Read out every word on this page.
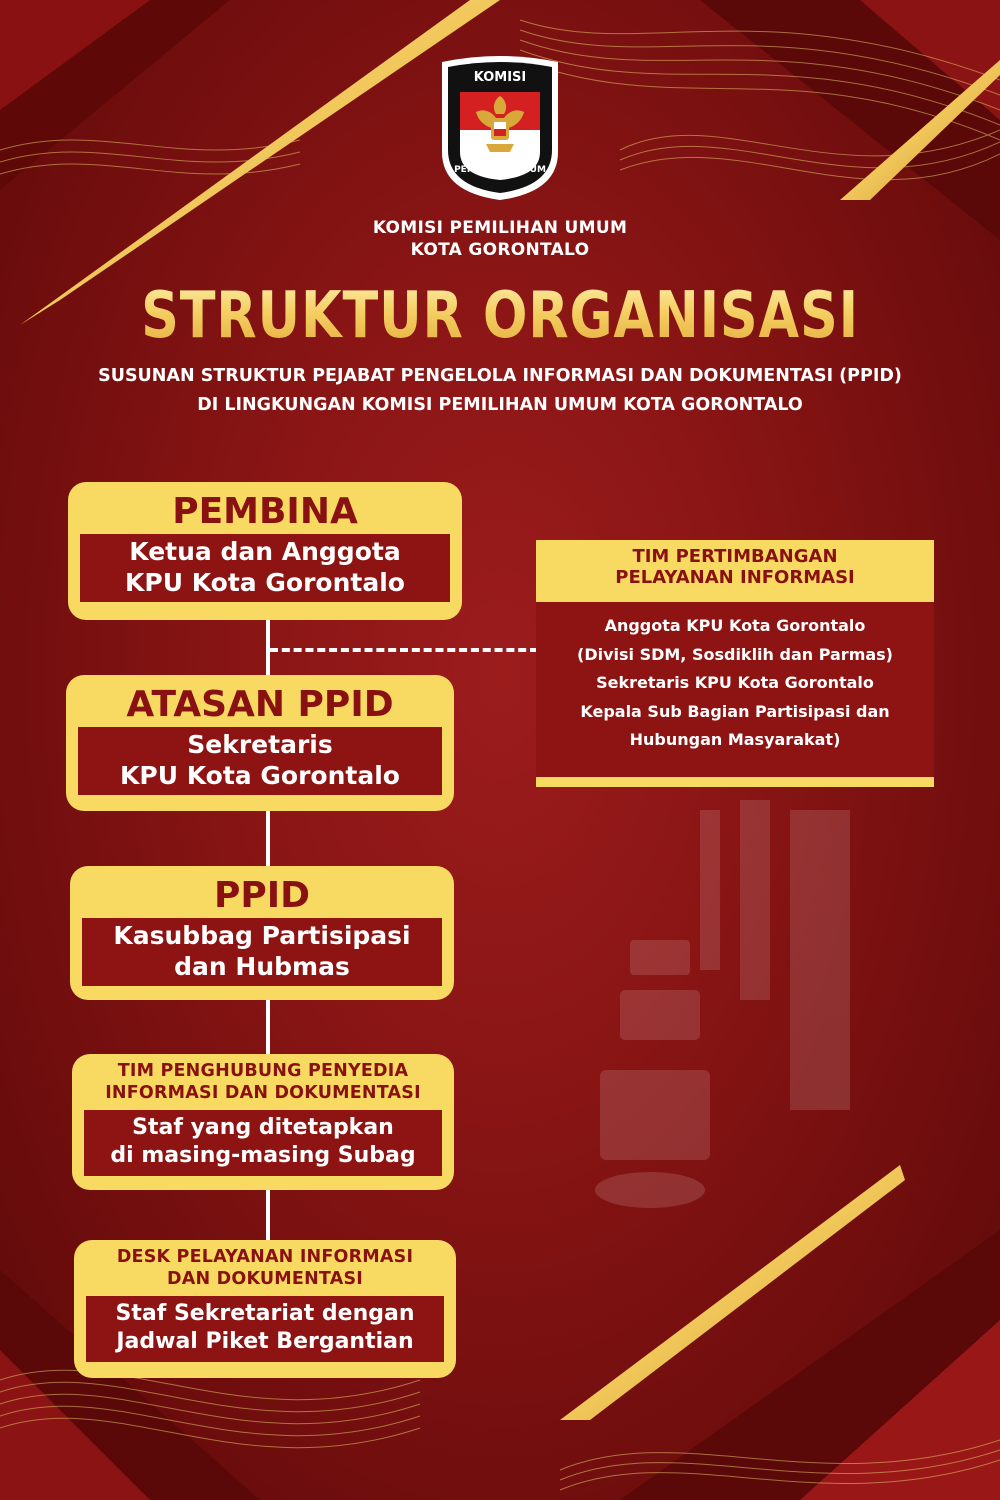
KOMISI
PEMILIHAN UMUM
KOMISI PEMILIHAN UMUM
KOTA GORONTALO
STRUKTUR ORGANISASI
SUSUNAN STRUKTUR PEJABAT PENGELOLA INFORMASI DAN DOKUMENTASI (PPID)
DI LINGKUNGAN KOMISI PEMILIHAN UMUM KOTA GORONTALO
PEMBINA
Ketua dan Anggota
KPU Kota Gorontalo
ATASAN PPID
Sekretaris
KPU Kota Gorontalo
PPID
Kasubbag Partisipasi
dan Hubmas
TIM PENGHUBUNG PENYEDIA
INFORMASI DAN DOKUMENTASI
Staf yang ditetapkan
di masing-masing Subag
DESK PELAYANAN INFORMASI
DAN DOKUMENTASI
Staf Sekretariat dengan
Jadwal Piket Bergantian
TIM PERTIMBANGAN
PELAYANAN INFORMASI
Anggota KPU Kota Gorontalo
(Divisi SDM, Sosdiklih dan Parmas)
Sekretaris KPU Kota Gorontalo
Kepala Sub Bagian Partisipasi dan
Hubungan Masyarakat)
